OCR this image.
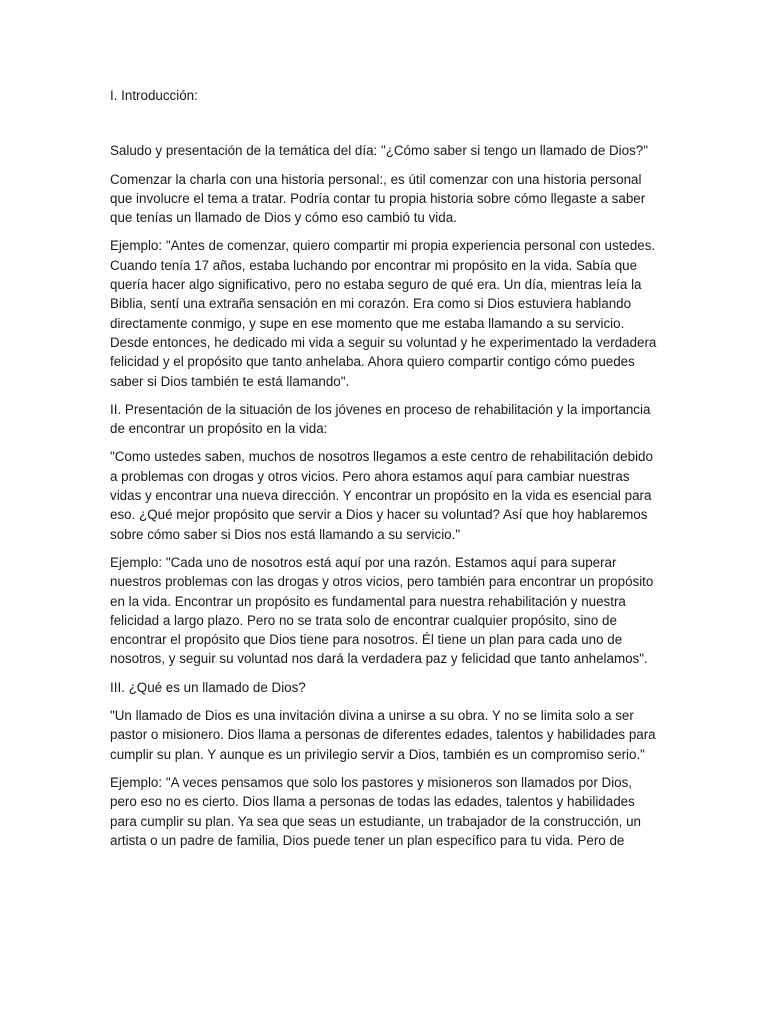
I. Introducción:

Saludo y presentación de la temática del día: "¿Cómo saber si tengo un llamado de Dios?"

Comenzar la charla con una historia personal:, es útil comenzar con una historia personal que involucre el tema a tratar. Podría contar tu propia historia sobre cómo llegaste a saber que tenías un llamado de Dios y cómo eso cambió tu vida.

Ejemplo: "Antes de comenzar, quiero compartir mi propia experiencia personal con ustedes. Cuando tenía 17 años, estaba luchando por encontrar mi propósito en la vida. Sabía que quería hacer algo significativo, pero no estaba seguro de qué era. Un día, mientras leía la Biblia, sentí una extraña sensación en mi corazón. Era como si Dios estuviera hablando directamente conmigo, y supe en ese momento que me estaba llamando a su servicio. Desde entonces, he dedicado mi vida a seguir su voluntad y he experimentado la verdadera felicidad y el propósito que tanto anhelaba. Ahora quiero compartir contigo cómo puedes saber si Dios también te está llamando".

II. Presentación de la situación de los jóvenes en proceso de rehabilitación y la importancia de encontrar un propósito en la vida:

"Como ustedes saben, muchos de nosotros llegamos a este centro de rehabilitación debido a problemas con drogas y otros vicios. Pero ahora estamos aquí para cambiar nuestras vidas y encontrar una nueva dirección. Y encontrar un propósito en la vida es esencial para eso. ¿Qué mejor propósito que servir a Dios y hacer su voluntad? Así que hoy hablaremos sobre cómo saber si Dios nos está llamando a su servicio."

Ejemplo: "Cada uno de nosotros está aquí por una razón. Estamos aquí para superar nuestros problemas con las drogas y otros vicios, pero también para encontrar un propósito en la vida. Encontrar un propósito es fundamental para nuestra rehabilitación y nuestra felicidad a largo plazo. Pero no se trata solo de encontrar cualquier propósito, sino de encontrar el propósito que Dios tiene para nosotros. Él tiene un plan para cada uno de nosotros, y seguir su voluntad nos dará la verdadera paz y felicidad que tanto anhelamos".

III. ¿Qué es un llamado de Dios?

"Un llamado de Dios es una invitación divina a unirse a su obra. Y no se limita solo a ser pastor o misionero. Dios llama a personas de diferentes edades, talentos y habilidades para cumplir su plan. Y aunque es un privilegio servir a Dios, también es un compromiso serio."

Ejemplo: "A veces pensamos que solo los pastores y misioneros son llamados por Dios, pero eso no es cierto. Dios llama a personas de todas las edades, talentos y habilidades para cumplir su plan. Ya sea que seas un estudiante, un trabajador de la construcción, un artista o un padre de familia, Dios puede tener un plan específico para tu vida. Pero de
